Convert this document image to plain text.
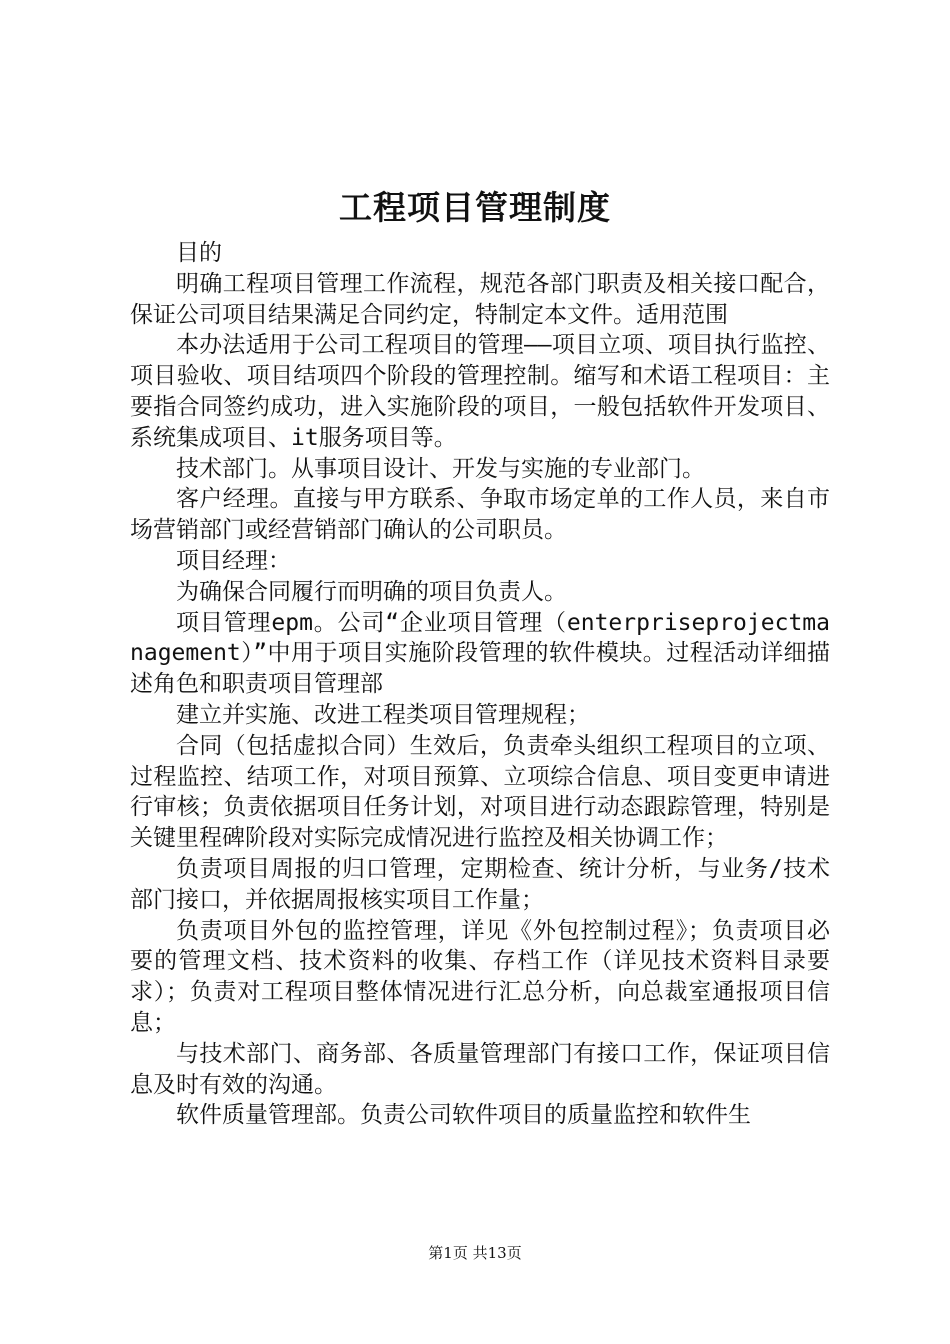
工程项目管理制度

目的

明确工程项目管理工作流程，规范各部门职责及相关接口配合，保证公司项目结果满足合同约定，特制定本文件。适用范围

本办法适用于公司工程项目的管理——项目立项、项目执行监控、项目验收、项目结项四个阶段的管理控制。缩写和术语工程项目：主要指合同签约成功，进入实施阶段的项目，一般包括软件开发项目、系统集成项目、it服务项目等。

技术部门。从事项目设计、开发与实施的专业部门。

客户经理。直接与甲方联系、争取市场定单的工作人员，来自市场营销部门或经营销部门确认的公司职员。

项目经理：

为确保合同履行而明确的项目负责人。

项目管理epm。公司“企业项目管理（enterpriseprojectmanagement）”中用于项目实施阶段管理的软件模块。过程活动详细描述角色和职责项目管理部

建立并实施、改进工程类项目管理规程；

合同（包括虚拟合同）生效后，负责牵头组织工程项目的立项、过程监控、结项工作，对项目预算、立项综合信息、项目变更申请进行审核；负责依据项目任务计划，对项目进行动态跟踪管理，特别是关键里程碑阶段对实际完成情况进行监控及相关协调工作；

负责项目周报的归口管理，定期检查、统计分析，与业务/技术部门接口，并依据周报核实项目工作量；

负责项目外包的监控管理，详见《外包控制过程》；负责项目必要的管理文档、技术资料的收集、存档工作（详见技术资料目录要求）；负责对工程项目整体情况进行汇总分析，向总裁室通报项目信息；

与技术部门、商务部、各质量管理部门有接口工作，保证项目信息及时有效的沟通。

软件质量管理部。负责公司软件项目的质量监控和软件生

第1页 共13页
